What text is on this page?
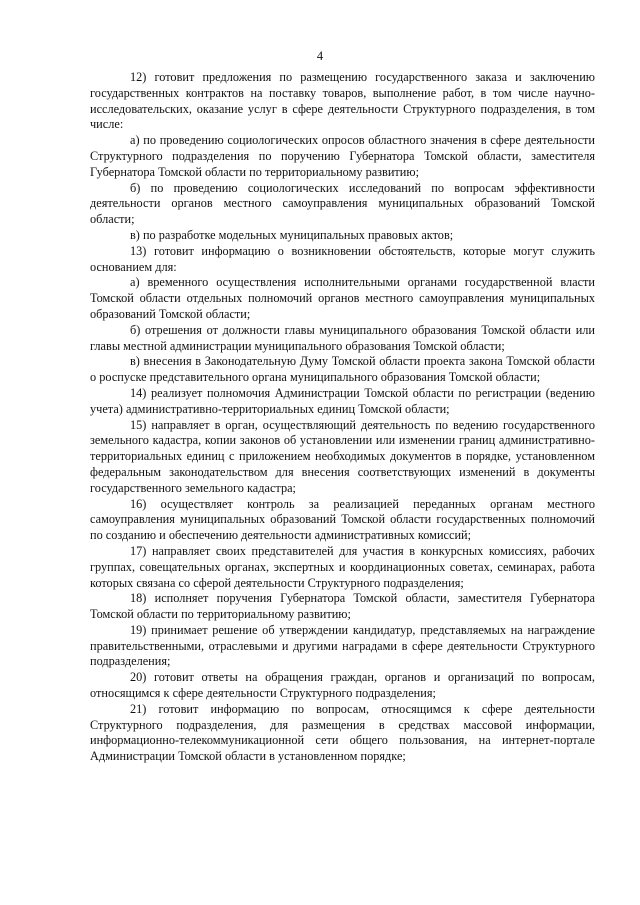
4

12) готовит предложения по размещению государственного заказа и заключению государственных контрактов на поставку товаров, выполнение работ, в том числе научно-исследовательских, оказание услуг в сфере деятельности Структурного подразделения, в том числе:

а) по проведению социологических опросов областного значения в сфере деятельности Структурного подразделения по поручению Губернатора Томской области, заместителя Губернатора Томской области по территориальному развитию;

б) по проведению социологических исследований по вопросам эффективности деятельности органов местного самоуправления муниципальных образований Томской области;

в) по разработке модельных муниципальных правовых актов;

13) готовит информацию о возникновении обстоятельств, которые могут служить основанием для:

а) временного осуществления исполнительными органами государственной власти Томской области отдельных полномочий органов местного самоуправления муниципальных образований Томской области;

б) отрешения от должности главы муниципального образования Томской области или главы местной администрации муниципального образования Томской области;

в) внесения в Законодательную Думу Томской области проекта закона Томской области о роспуске представительного органа муниципального образования Томской области;

14) реализует полномочия Администрации Томской области по регистрации (ведению учета) административно-территориальных единиц Томской области;

15) направляет в орган, осуществляющий деятельность по ведению государственного земельного кадастра, копии законов об установлении или изменении границ административно-территориальных единиц с приложением необходимых документов в порядке, установленном федеральным законодательством для внесения соответствующих изменений в документы государственного земельного кадастра;

16) осуществляет контроль за реализацией переданных органам местного самоуправления муниципальных образований Томской области государственных полномочий по созданию и обеспечению деятельности административных комиссий;

17) направляет своих представителей для участия в конкурсных комиссиях, рабочих группах, совещательных органах, экспертных и координационных советах, семинарах, работа которых связана со сферой деятельности Структурного подразделения;

18) исполняет поручения Губернатора Томской области, заместителя Губернатора Томской области по территориальному развитию;

19) принимает решение об утверждении кандидатур, представляемых на награждение правительственными, отраслевыми и другими наградами в сфере деятельности Структурного подразделения;

20) готовит ответы на обращения граждан, органов и организаций по вопросам, относящимся к сфере деятельности Структурного подразделения;

21) готовит информацию по вопросам, относящимся к сфере деятельности Структурного подразделения, для размещения в средствах массовой информации, информационно-телекоммуникационной сети общего пользования, на интернет-портале Администрации Томской области в установленном порядке;
